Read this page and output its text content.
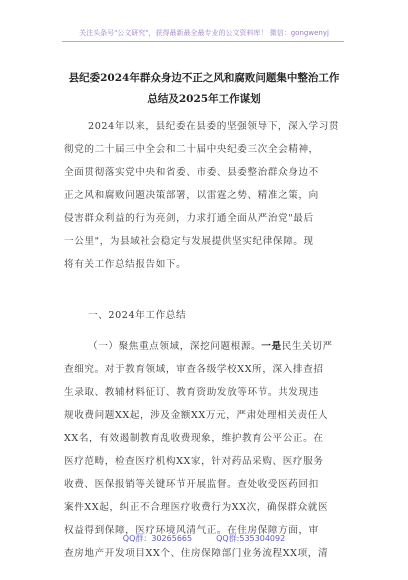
关注头条号"公文研究"，获得最新最全最专业的公文资料库！ 微信：gongwenyj
县纪委2024年群众身边不正之风和腐败问题集中整治工作
总结及2025年工作谋划
2024年以来，县纪委在县委的坚强领导下，深入学习贯
彻党的二十届三中全会和二十届中央纪委三次全会精神，
全面贯彻落实党中央和省委、市委、县委整治群众身边不
正之风和腐败问题决策部署，以雷霆之势、精准之策，向
侵害群众利益的行为亮剑，力求打通全面从严治党"最后
一公里"，为县域社会稳定与发展提供坚实纪律保障。现
将有关工作总结报告如下。
一、2024年工作总结
（一）聚焦重点领域，深挖问题根源。一是民生关切严
查细究。对于教育领域，审查各级学校XX所，深入排查招
生录取、教辅材料征订、教育资助发放等环节。共发现违
规收费问题XX起，涉及金额XX万元，严肃处理相关责任人
XX名，有效遏制教育乱收费现象，维护教育公平公正。在
医疗范畴，检查医疗机构XX家，针对药品采购、医疗服务
收费、医保报销等关键环节开展监督。查处收受医药回扣
案件XX起，纠正不合理医疗收费行为XX次，确保群众就医
权益得到保障，医疗环境风清气正。在住房保障方面，审
查房地产开发项目XX个、住房保障部门业务流程XX项，清
QQ群：30265665	QQ群:535304092
